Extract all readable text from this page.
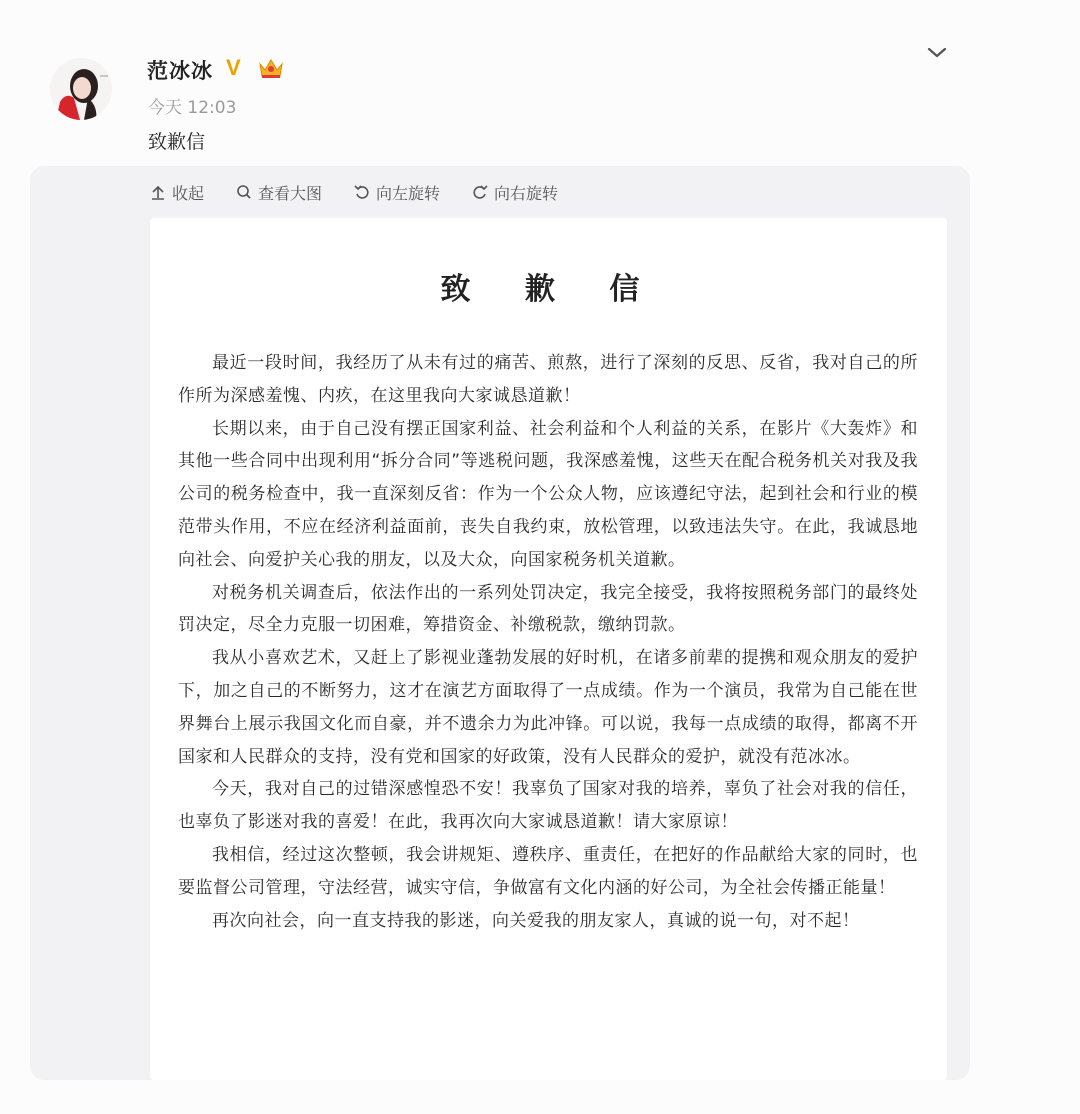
范冰冰 V
今天 12:03
致歉信
收起	查看大图	向左旋转	向右旋转
致 歉 信

最近一段时间，我经历了从未有过的痛苦、煎熬，进行了深刻的反思、反省，我对自己的所作所为深感羞愧、内疚，在这里我向大家诚恳道歉！

长期以来，由于自己没有摆正国家利益、社会利益和个人利益的关系，在影片《大轰炸》和其他一些合同中出现利用“拆分合同”等逃税问题，我深感羞愧，这些天在配合税务机关对我及我公司的税务检查中，我一直深刻反省：作为一个公众人物，应该遵纪守法，起到社会和行业的模范带头作用，不应在经济利益面前，丧失自我约束，放松管理，以致违法失守。在此，我诚恳地向社会、向爱护关心我的朋友，以及大众，向国家税务机关道歉。

对税务机关调查后，依法作出的一系列处罚决定，我完全接受，我将按照税务部门的最终处罚决定，尽全力克服一切困难，筹措资金、补缴税款，缴纳罚款。

我从小喜欢艺术，又赶上了影视业蓬勃发展的好时机，在诸多前辈的提携和观众朋友的爱护下，加之自己的不断努力，这才在演艺方面取得了一点成绩。作为一个演员，我常为自己能在世界舞台上展示我国文化而自豪，并不遗余力为此冲锋。可以说，我每一点成绩的取得，都离不开国家和人民群众的支持，没有党和国家的好政策，没有人民群众的爱护，就没有范冰冰。

今天，我对自己的过错深感惶恐不安！我辜负了国家对我的培养，辜负了社会对我的信任，也辜负了影迷对我的喜爱！在此，我再次向大家诚恳道歉！请大家原谅！

我相信，经过这次整顿，我会讲规矩、遵秩序、重责任，在把好的作品献给大家的同时，也要监督公司管理，守法经营，诚实守信，争做富有文化内涵的好公司，为全社会传播正能量！

再次向社会，向一直支持我的影迷，向关爱我的朋友家人，真诚的说一句，对不起！
